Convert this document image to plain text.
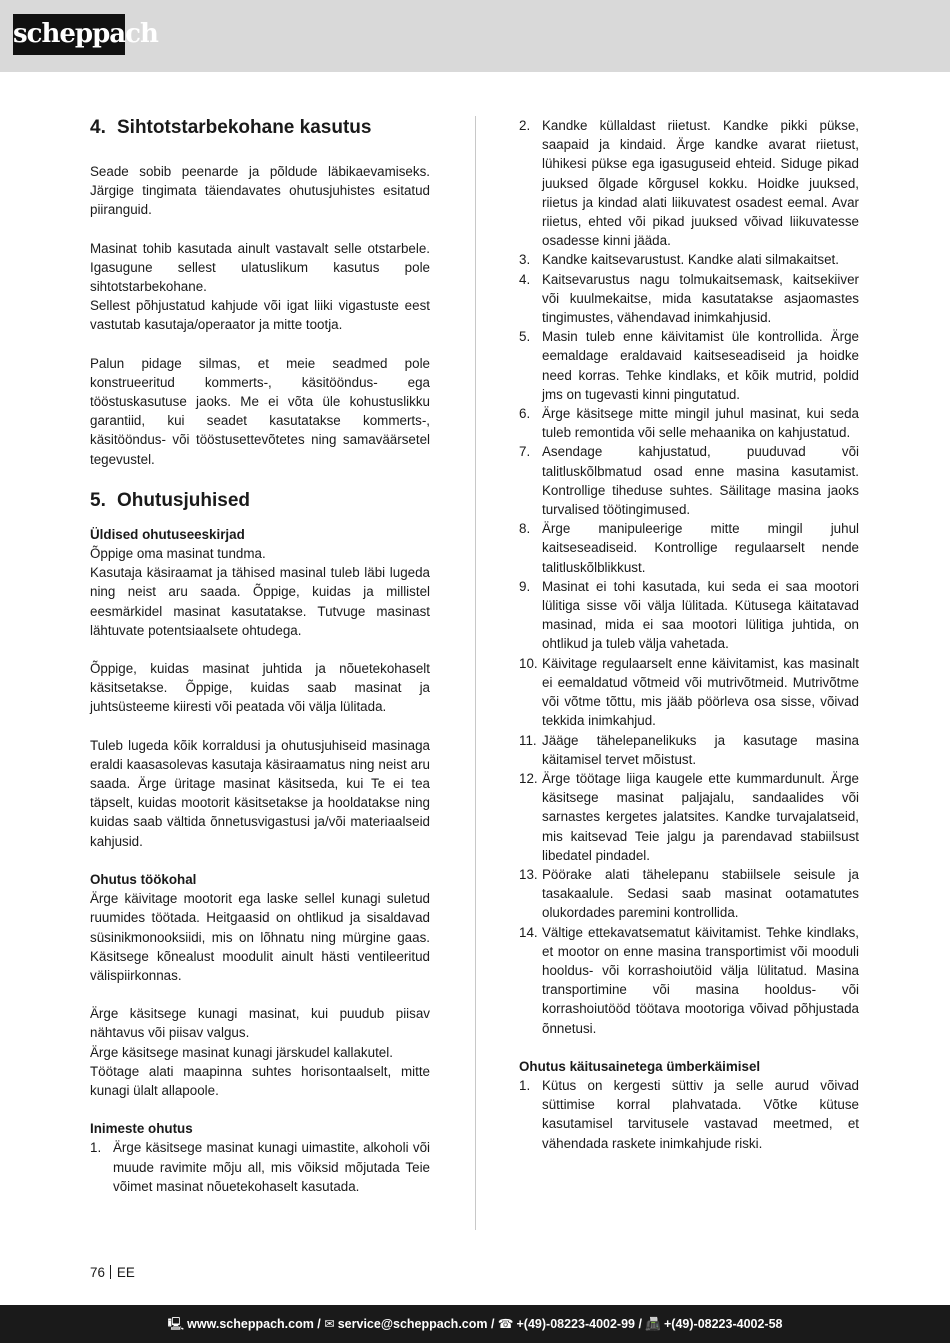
scheppach
4. Sihtotstarbekohane kasutus

Seade sobib peenarde ja põldude läbikaevamiseks. Järgige tingimata täiendavates ohutusjuhistes esitatud piiranguid.

Masinat tohib kasutada ainult vastavalt selle otstarbele. Igasugune sellest ulatuslikum kasutus pole sihtotstarbekohane.

Sellest põhjustatud kahjude või igat liiki vigastuste eest vastutab kasutaja/operaator ja mitte tootja.

Palun pidage silmas, et meie seadmed pole konstrueeritud kommerts-, käsitööndus- ega tööstuskasutuse jaoks. Me ei võta üle kohustuslikku garantiid, kui seadet kasutatakse kommerts-, käsitööndus- või tööstusettevõtetes ning samaväärsetel tegevustel.

5. Ohutusjuhised

Üldised ohutuseeskirjad

Õppige oma masinat tundma.

Kasutaja käsiraamat ja tähised masinal tuleb läbi lugeda ning neist aru saada. Õppige, kuidas ja millistel eesmärkidel masinat kasutatakse. Tutvuge masinast lähtuvate potentsiaalsete ohtudega.

Õppige, kuidas masinat juhtida ja nõuetekohaselt käsitsetakse. Õppige, kuidas saab masinat ja juhtsüsteeme kiiresti või peatada või välja lülitada.

Tuleb lugeda kõik korraldusi ja ohutusjuhiseid masinaga eraldi kaasasolevas kasutaja käsiraamatus ning neist aru saada. Ärge üritage masinat käsitseda, kui Te ei tea täpselt, kuidas mootorit käsitsetakse ja hooldatakse ning kuidas saab vältida õnnetusvigastusi ja/või materiaalseid kahjusid.

Ohutus töökohal

Ärge käivitage mootorit ega laske sellel kunagi suletud ruumides töötada. Heitgaasid on ohtlikud ja sisaldavad süsinikmonooksiidi, mis on lõhnatu ning mürgine gaas. Käsitsege kõnealust moodulit ainult hästi ventileeritud välispiirkonnas.

Ärge käsitsege kunagi masinat, kui puudub piisav nähtavus või piisav valgus.

Ärge käsitsege masinat kunagi järskudel kallakutel.

Töötage alati maapinna suhtes horisontaalselt, mitte kunagi ülalt allapoole.

Inimeste ohutus

1. Ärge käsitsege masinat kunagi uimastite, alkoholi või muude ravimite mõju all, mis võiksid mõjutada Teie võimet masinat nõuetekohaselt kasutada.
2. Kandke küllaldast riietust. Kandke pikki pükse, saapaid ja kindaid. Ärge kandke avarat riietust, lühikesi pükse ega igasuguseid ehteid. Siduge pikad juuksed õlgade kõrgusel kokku. Hoidke juuksed, riietus ja kindad alati liikuvatest osadest eemal. Avar riietus, ehted või pikad juuksed võivad liikuvatesse osadesse kinni jääda.
3. Kandke kaitsevarustust. Kandke alati silmakaitset.
4. Kaitsevarustus nagu tolmukaitsemask, kaitsekiiver või kuulmekaitse, mida kasutatakse asjaomastes tingimustes, vähendavad inimkahjusid.
5. Masin tuleb enne käivitamist üle kontrollida. Ärge eemaldage eraldavaid kaitseseadiseid ja hoidke need korras. Tehke kindlaks, et kõik mutrid, poldid jms on tugevasti kinni pingutatud.
6. Ärge käsitsege mitte mingil juhul masinat, kui seda tuleb remontida või selle mehaanika on kahjustatud.
7. Asendage kahjustatud, puuduvad või talitluskõlbmatud osad enne masina kasutamist. Kontrollige tiheduse suhtes. Säilitage masina jaoks turvalised töötingimused.
8. Ärge manipuleerige mitte mingil juhul kaitseseadiseid. Kontrollige regulaarselt nende talitluskõlblikkust.
9. Masinat ei tohi kasutada, kui seda ei saa mootori lülitiga sisse või välja lülitada. Kütusega käitatavad masinad, mida ei saa mootori lülitiga juhtida, on ohtlikud ja tuleb välja vahetada.
10. Käivitage regulaarselt enne käivitamist, kas masinalt ei eemaldatud võtmeid või mutrivõtmeid. Mutrivõtme või võtme tõttu, mis jääb pöörleva osa sisse, võivad tekkida inimkahjud.
11. Jääge tähelepanelikuks ja kasutage masina käitamisel tervet mõistust.
12. Ärge töötage liiga kaugele ette kummardunult. Ärge käsitsege masinat paljajalu, sandaalides või sarnastes kergetes jalatsites. Kandke turvajalatseid, mis kaitsevad Teie jalgu ja parendavad stabiilsust libedatel pindadel.
13. Pöörake alati tähelepanu stabiilsele seisule ja tasakaalule. Sedasi saab masinat ootamatutes olukordades paremini kontrollida.
14. Vältige ettekavatsematut käivitamist. Tehke kindlaks, et mootor on enne masina transportimist või mooduli hooldus- või korrashoiutöid välja lülitatud. Masina transportimine või masina hooldus- või korrashoiutööd töötava mootoriga võivad põhjustada õnnetusi.

Ohutus käitusainetega ümberkäimisel

1. Kütus on kergesti süttiv ja selle aurud võivad süttimise korral plahvatada. Võtke kütuse kasutamisel tarvitusele vastavad meetmed, et vähendada raskete inimkahjude riski.
76 EE
🖳 www.scheppach.com / ✉ service@scheppach.com / ☎ +(49)-08223-4002-99 / 📠 +(49)-08223-4002-58
